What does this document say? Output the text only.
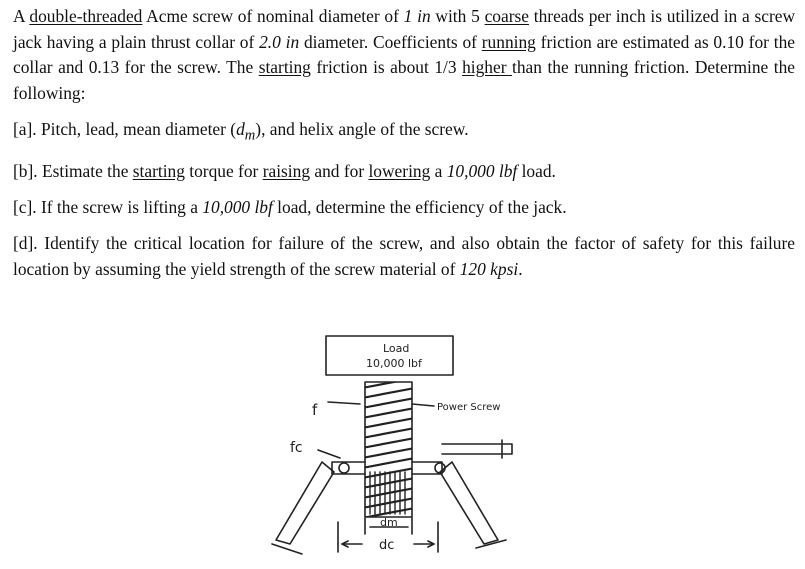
A double-threaded Acme screw of nominal diameter of 1 in with 5 coarse threads per inch is utilized in a screw jack having a plain thrust collar of 2.0 in diameter. Coefficients of running friction are estimated as 0.10 for the collar and 0.13 for the screw. The starting friction is about 1/3 higher than the running friction. Determine the following:

[a]. Pitch, lead, mean diameter $(d_m)$, and helix angle of the screw.

[b]. Estimate the starting torque for raising and for lowering a 10,000 lbf load.

[c]. If the screw is lifting a 10,000 lbf load, determine the efficiency of the jack.

[d]. Identify the critical location for failure of the screw, and also obtain the factor of safety for this failure location by assuming the yield strength of the screw material of 120 kpsi.

Load
10,000 lbf
Power Screw
f
fc
dm
dc
